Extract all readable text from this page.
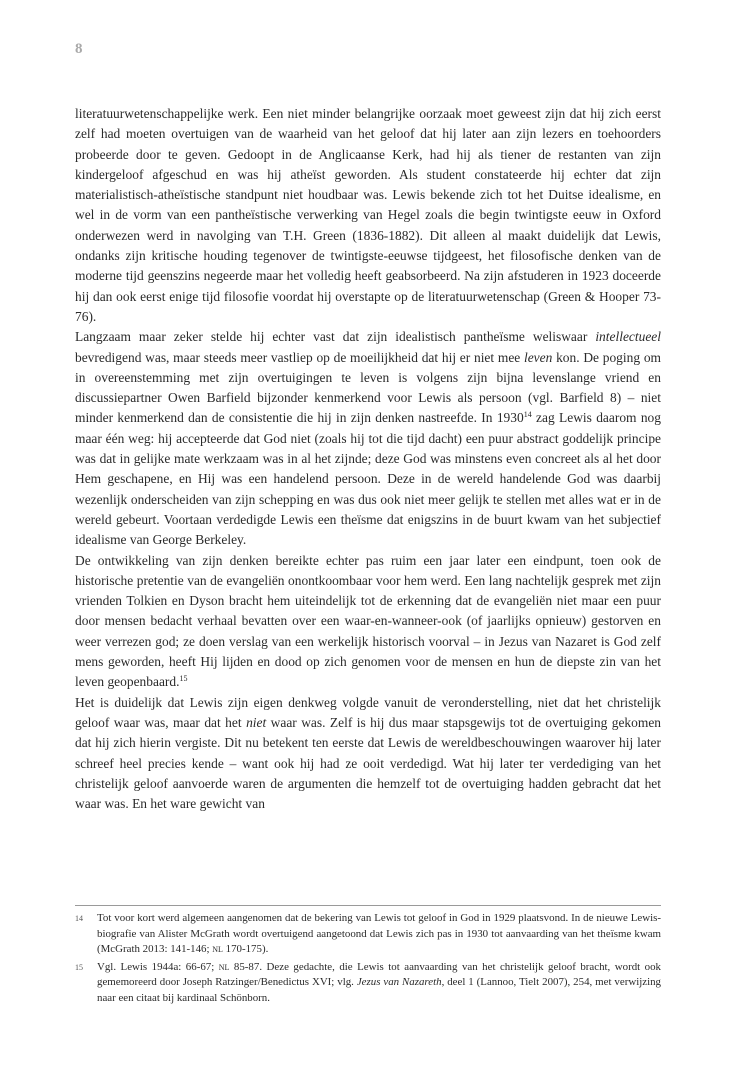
8

literatuurwetenschappelijke werk. Een niet minder belangrijke oorzaak moet geweest zijn dat hij zich eerst zelf had moeten overtuigen van de waarheid van het geloof dat hij later aan zijn lezers en toehoorders probeerde door te geven. Gedoopt in de Anglicaanse Kerk, had hij als tiener de restanten van zijn kindergeloof afgeschud en was hij atheïst geworden. Als student constateerde hij echter dat zijn materialistisch-atheïstische standpunt niet houdbaar was. Lewis bekende zich tot het Duitse idealisme, en wel in de vorm van een pantheïstische verwerking van Hegel zoals die begin twintigste eeuw in Oxford onderwezen werd in navolging van T.H. Green (1836-1882). Dit alleen al maakt duidelijk dat Lewis, ondanks zijn kritische houding tegenover de twintigste-eeuwse tijdgeest, het filosofische denken van de moderne tijd geenszins negeerde maar het volledig heeft geabsorbeerd. Na zijn afstuderen in 1923 doceerde hij dan ook eerst enige tijd filosofie voordat hij overstapte op de literatuurwetenschap (Green & Hooper 73-76).

Langzaam maar zeker stelde hij echter vast dat zijn idealistisch pantheïsme weliswaar intellectueel bevredigend was, maar steeds meer vastliep op de moeilijkheid dat hij er niet mee leven kon. De poging om in overeenstemming met zijn overtuigingen te leven is volgens zijn bijna levenslange vriend en discussiepartner Owen Barfield bijzonder kenmerkend voor Lewis als persoon (vgl. Barfield 8) – niet minder kenmerkend dan de consistentie die hij in zijn denken nastreefde. In 1930$^{14}$ zag Lewis daarom nog maar één weg: hij accepteerde dat God niet (zoals hij tot die tijd dacht) een puur abstract goddelijk principe was dat in gelijke mate werkzaam was in al het zijnde; deze God was minstens even concreet als al het door Hem geschapene, en Hij was een handelend persoon. Deze in de wereld handelende God was daarbij wezenlijk onderscheiden van zijn schepping en was dus ook niet meer gelijk te stellen met alles wat er in de wereld gebeurt. Voortaan verdedigde Lewis een theïsme dat enigszins in de buurt kwam van het subjectief idealisme van George Berkeley.

De ontwikkeling van zijn denken bereikte echter pas ruim een jaar later een eindpunt, toen ook de historische pretentie van de evangeliën onontkoombaar voor hem werd. Een lang nachtelijk gesprek met zijn vrienden Tolkien en Dyson bracht hem uiteindelijk tot de erkenning dat de evangeliën niet maar een puur door mensen bedacht verhaal bevatten over een waar-en-wanneer-ook (of jaarlijks opnieuw) gestorven en weer verrezen god; ze doen verslag van een werkelijk historisch voorval – in Jezus van Nazaret is God zelf mens geworden, heeft Hij lijden en dood op zich genomen voor de mensen en hun de diepste zin van het leven geopenbaard.$^{15}$

Het is duidelijk dat Lewis zijn eigen denkweg volgde vanuit de veronderstelling, niet dat het christelijk geloof waar was, maar dat het niet waar was. Zelf is hij dus maar stapsgewijs tot de overtuiging gekomen dat hij zich hierin vergiste. Dit nu betekent ten eerste dat Lewis de wereldbeschouwingen waarover hij later schreef heel precies kende – want ook hij had ze ooit verdedigd. Wat hij later ter verdediging van het christelijk geloof aanvoerde waren de argumenten die hemzelf tot de overtuiging hadden gebracht dat het waar was. En het ware gewicht van

14	Tot voor kort werd algemeen aangenomen dat de bekering van Lewis tot geloof in God in 1929 plaatsvond. In de nieuwe Lewis-biografie van Alister McGrath wordt overtuigend aangetoond dat Lewis zich pas in 1930 tot aanvaarding van het theïsme kwam (McGrath 2013: 141-146; nl 170-175).
15	Vgl. Lewis 1944a: 66-67; nl 85-87. Deze gedachte, die Lewis tot aanvaarding van het christelijk geloof bracht, wordt ook gememoreerd door Joseph Ratzinger/Benedictus XVI; vlg. Jezus van Nazareth, deel 1 (Lannoo, Tielt 2007), 254, met verwijzing naar een citaat bij kardinaal Schönborn.
